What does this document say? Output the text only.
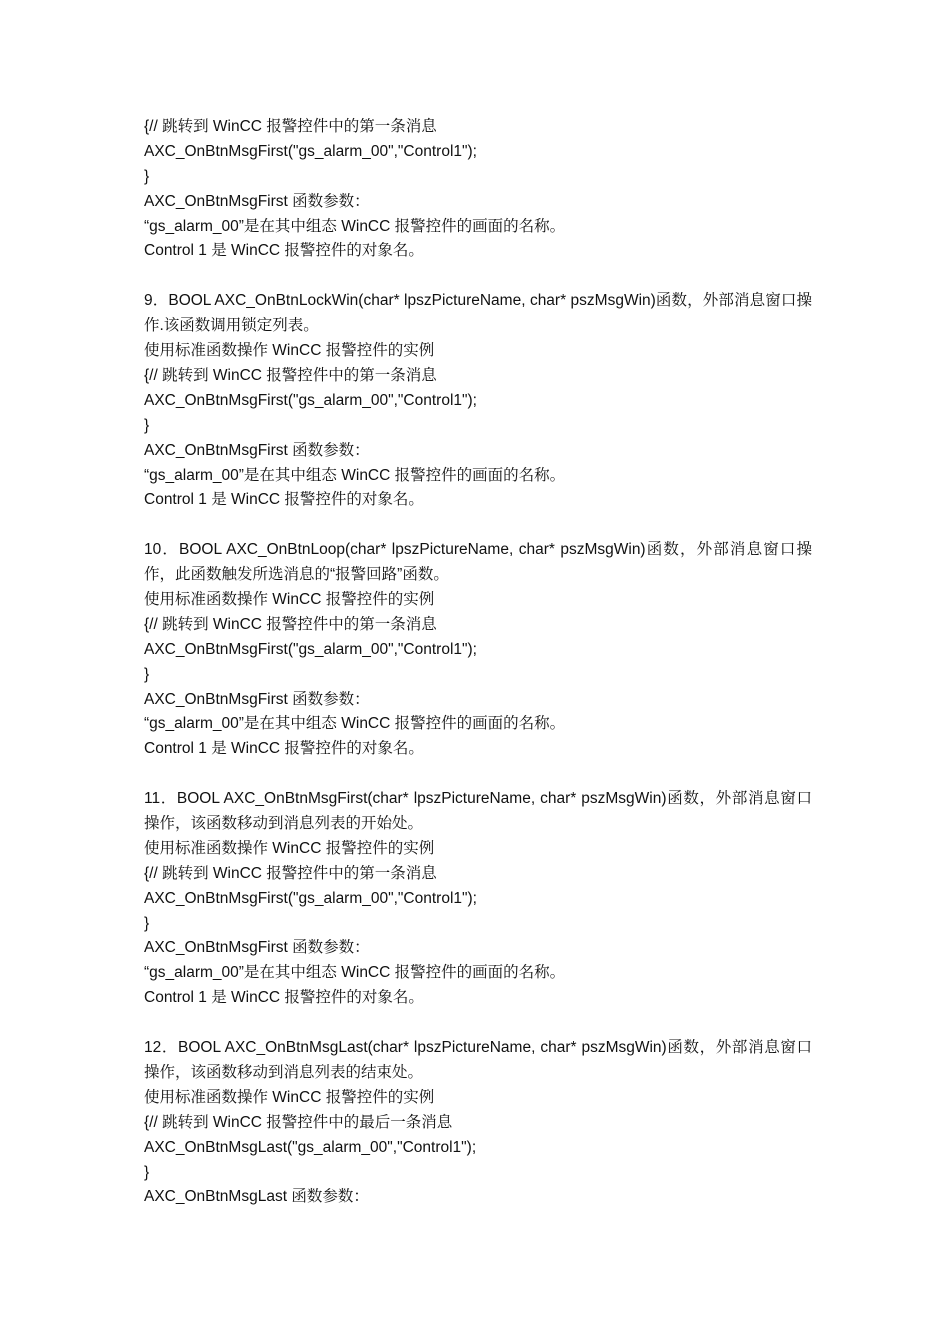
{// 跳转到 WinCC 报警控件中的第一条消息
AXC_OnBtnMsgFirst("gs_alarm_00","Control1");
}
AXC_OnBtnMsgFirst 函数参数：
“gs_alarm_00”是在其中组态 WinCC 报警控件的画面的名称。
Control 1 是 WinCC 报警控件的对象名。
9．BOOL AXC_OnBtnLockWin(char* lpszPictureName, char* pszMsgWin)函数，外部消息窗口操作.该函数调用锁定列表。
使用标准函数操作 WinCC 报警控件的实例
{// 跳转到 WinCC 报警控件中的第一条消息
AXC_OnBtnMsgFirst("gs_alarm_00","Control1");
}
AXC_OnBtnMsgFirst 函数参数：
“gs_alarm_00”是在其中组态 WinCC 报警控件的画面的名称。
Control 1 是 WinCC 报警控件的对象名。
10．BOOL AXC_OnBtnLoop(char* lpszPictureName, char* pszMsgWin)函数，外部消息窗口操作，此函数触发所选消息的“报警回路”函数。
使用标准函数操作 WinCC 报警控件的实例
{// 跳转到 WinCC 报警控件中的第一条消息
AXC_OnBtnMsgFirst("gs_alarm_00","Control1");
}
AXC_OnBtnMsgFirst 函数参数：
“gs_alarm_00”是在其中组态 WinCC 报警控件的画面的名称。
Control 1 是 WinCC 报警控件的对象名。
11．BOOL AXC_OnBtnMsgFirst(char* lpszPictureName, char* pszMsgWin)函数，外部消息窗口操作，该函数移动到消息列表的开始处。
使用标准函数操作 WinCC 报警控件的实例
{// 跳转到 WinCC 报警控件中的第一条消息
AXC_OnBtnMsgFirst("gs_alarm_00","Control1");
}
AXC_OnBtnMsgFirst 函数参数：
“gs_alarm_00”是在其中组态 WinCC 报警控件的画面的名称。
Control 1 是 WinCC 报警控件的对象名。
12．BOOL AXC_OnBtnMsgLast(char* lpszPictureName, char* pszMsgWin)函数，外部消息窗口操作，该函数移动到消息列表的结束处。
使用标准函数操作 WinCC 报警控件的实例
{// 跳转到 WinCC 报警控件中的最后一条消息
AXC_OnBtnMsgLast("gs_alarm_00","Control1");
}
AXC_OnBtnMsgLast 函数参数：
